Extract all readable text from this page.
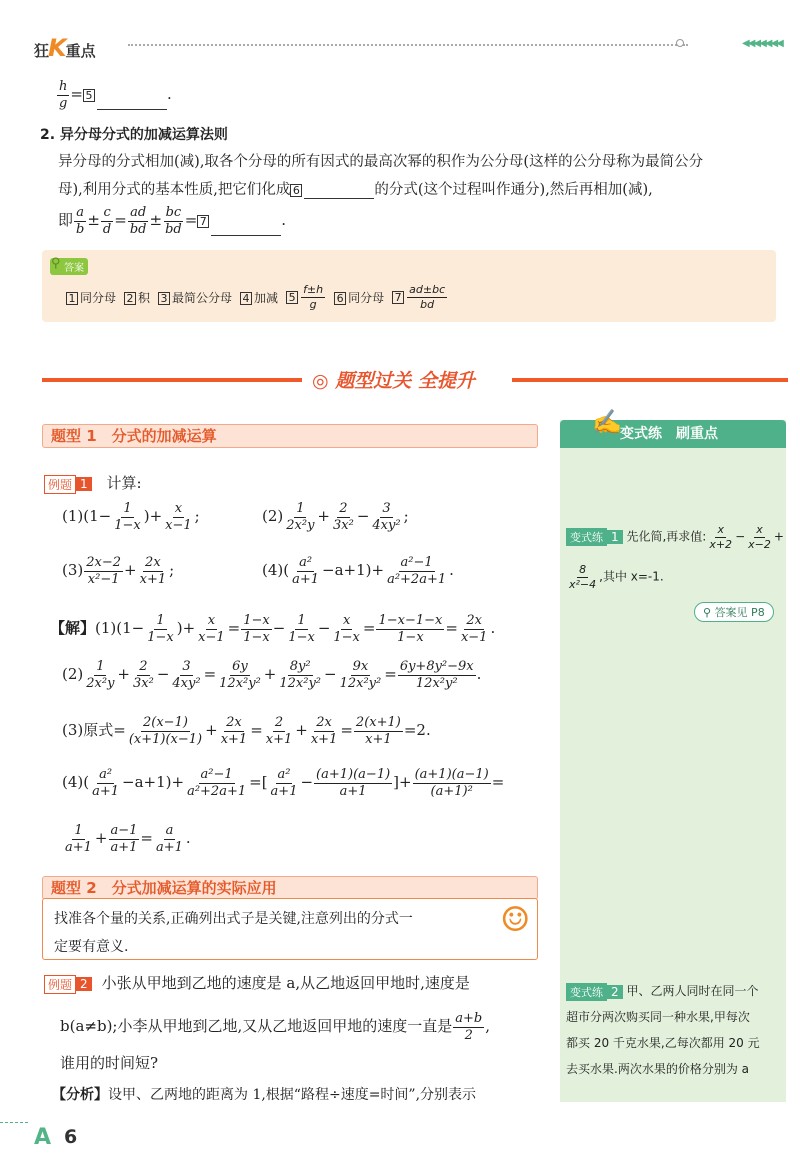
狂K重点	◀◀◀◀◀◀◀
$\frac{h}{g} = 5$	.
2. 异分母分式的加减运算法则
异分母的分式相加(减),取各个分母的所有因式的最高次幂的积作为公分母(这样的公分母称为最简公分
母),利用分式的基本性质,把它们化成 6	的分式(这个过程叫作通分),然后再相加(减),
即 $\frac{a}{b} \pm \frac{c}{d} = \frac{ad}{bd} \pm \frac{bc}{bd} = 7$	.
答案
⚲
1 同分母 2 积 3 最简公分母 4 加减 $5 \frac{f\pm h}{g} 6$ 同分母 $7 \frac{ad\pm bc}{bd}$
◎ 题型过关 全提升
题型 1　分式的加减运算
例题 1 计算:
$(1)(1- \frac{1}{1-x}$ )+ $\frac{x}{x-1}$ ;	$(2) \frac{1}{\text{2x²y}} + \frac{2}{\text{3x²}} - \frac{3}{\text{4xy²}}$ ;
$(3) \frac{2x-2}{\text{x²−1}} + \frac{2x}{x+1}$ ;	$(4)( \frac{\text{a²}}{a+1} -a+1)+ \frac{\text{a²−1}}{\text{a²+2a+1}}$ .
【解】$(1)(1- \frac{1}{1-x}$ )+ $\frac{x}{x-1} = \frac{1-x}{1-x} - \frac{1}{1-x} - \frac{x}{1-x} = \frac{1-x-1-x}{1-x} = \frac{2x}{x-1}$ .
$(2) \frac{1}{\text{2x²y}} + \frac{2}{\text{3x²}} - \frac{3}{\text{4xy²}} = \frac{6y}{\text{12x²y²}} + \frac{\text{8y²}}{\text{12x²y²}} - \frac{9x}{\text{12x²y²}} = \frac{\text{6y+8y²−9x}}{\text{12x²y²}}$ .
(3)原式= $\frac{2(x-1)}{(x+1)(x-1)} + \frac{2x}{x+1} = \frac{2}{x+1} + \frac{2x}{x+1} = \frac{2(x+1)}{x+1} =2$.
$(4)( \frac{\text{a²}}{a+1} -a+1)+ \frac{\text{a²−1}}{\text{a²+2a+1}}$ =[ $\frac{\text{a²}}{a+1} - \frac{(a+1)(a-1)}{a+1}$ ]+ $\frac{(a+1)(a-1)}{\text{(a+1)²}}$ =
$\frac{1}{a+1} + \frac{a-1}{a+1} = \frac{a}{a+1}$ .
题型 2　分式加减运算的实际应用
找准各个量的关系,正确列出式子是关键,注意列出的分式一
定要有意义.
☺
例题 2 小张从甲地到乙地的速度是 a,从乙地返回甲地时,速度是
b(a≠b);小李从甲地到乙地,又从乙地返回甲地的速度一直是 $\frac{a+b}{2}$ ,
谁用的时间短?
【分析】设甲、乙两地的距离为 1,根据“路程÷速度=时间”,分别表示
变式练　刷重点
✍
变式练 1 先化简,再求值: $\frac{x}{x+2} - \frac{x}{x-2}$ +
$\frac{8}{\text{x²−4}}$ ,其中 x=-1.
⚲ 答案见 P8
变式练 2 甲、乙两人同时在同一个
超市分两次购买同一种水果,甲每次
都买 20 千克水果,乙每次都用 20 元
去买水果.两次水果的价格分别为 a
A 6
